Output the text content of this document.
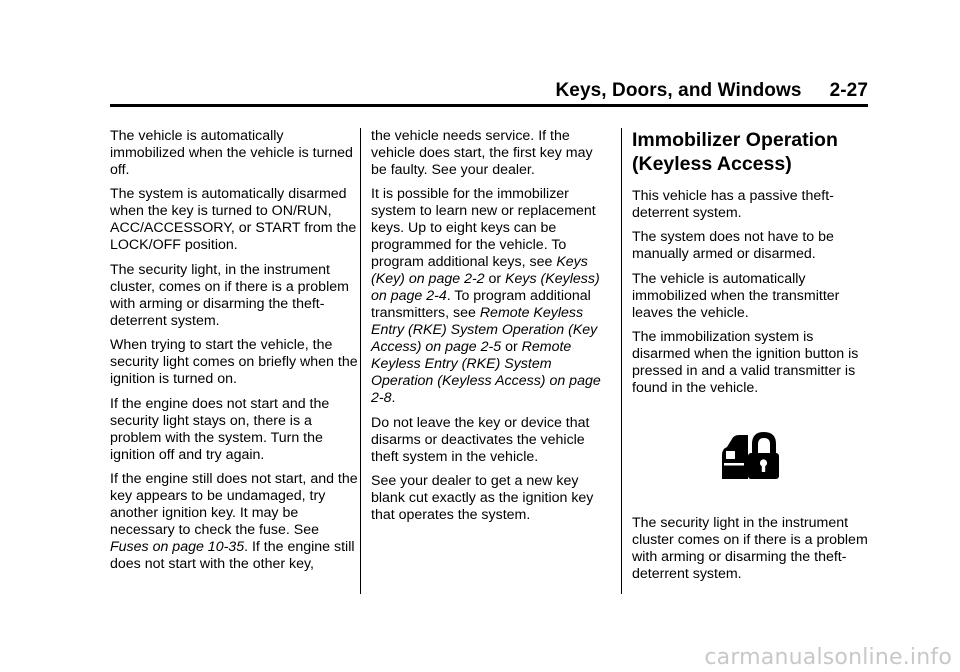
Keys, Doors, and Windows 2-27

The vehicle is automatically immobilized when the vehicle is turned off.

The system is automatically disarmed when the key is turned to ON/RUN, ACC/ACCESSORY, or START from the LOCK/OFF position.

The security light, in the instrument cluster, comes on if there is a problem with arming or disarming the theft-deterrent system.

When trying to start the vehicle, the security light comes on briefly when the ignition is turned on.

If the engine does not start and the security light stays on, there is a problem with the system. Turn the ignition off and try again.

If the engine still does not start, and the key appears to be undamaged, try another ignition key. It may be necessary to check the fuse. See Fuses on page 10-35. If the engine still does not start with the other key,

the vehicle needs service. If the vehicle does start, the first key may be faulty. See your dealer.

It is possible for the immobilizer system to learn new or replacement keys. Up to eight keys can be programmed for the vehicle. To program additional keys, see Keys (Key) on page 2-2 or Keys (Keyless) on page 2-4. To program additional transmitters, see Remote Keyless Entry (RKE) System Operation (Key Access) on page 2-5 or Remote Keyless Entry (RKE) System Operation (Keyless Access) on page 2-8.

Do not leave the key or device that disarms or deactivates the vehicle theft system in the vehicle.

See your dealer to get a new key blank cut exactly as the ignition key that operates the system.

Immobilizer Operation (Keyless Access)

This vehicle has a passive theft-deterrent system.

The system does not have to be manually armed or disarmed.

The vehicle is automatically immobilized when the transmitter leaves the vehicle.

The immobilization system is disarmed when the ignition button is pressed in and a valid transmitter is found in the vehicle.

The security light in the instrument cluster comes on if there is a problem with arming or disarming the theft-deterrent system.

carmanualsonline.info
